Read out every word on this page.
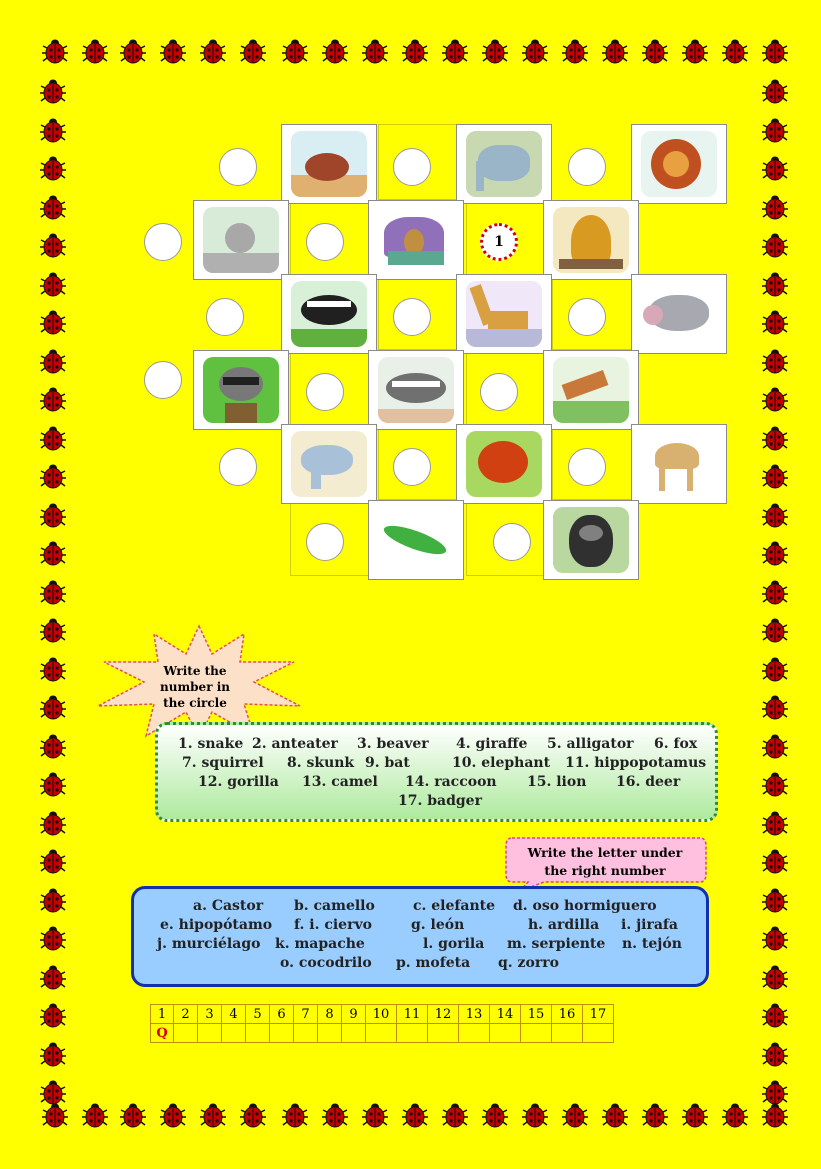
1
Write the
number in
the circle
1. snake 2. anteater 3. beaver 4. giraffe 5. alligator 6. fox
7. squirrel 8. skunk 9. bat	10. elephant 11. hippopotamus
12. gorilla 13. camel 14. raccoon 15. lion 16. deer
17. badger
Write the letter under
the right number
a. Castor b. camello	c. elefante d. oso hormiguero
e. hipopótamo f. i. ciervo	g. león	h. ardilla i. jirafa
j. murciélago k. mapache	l. gorila m. serpiente n. tejón
o. cocodrilo p. mofeta q. zorro
1	2	3	4	5	6	7	8	9	10	11	12	13	14	15	16	17
Q																
